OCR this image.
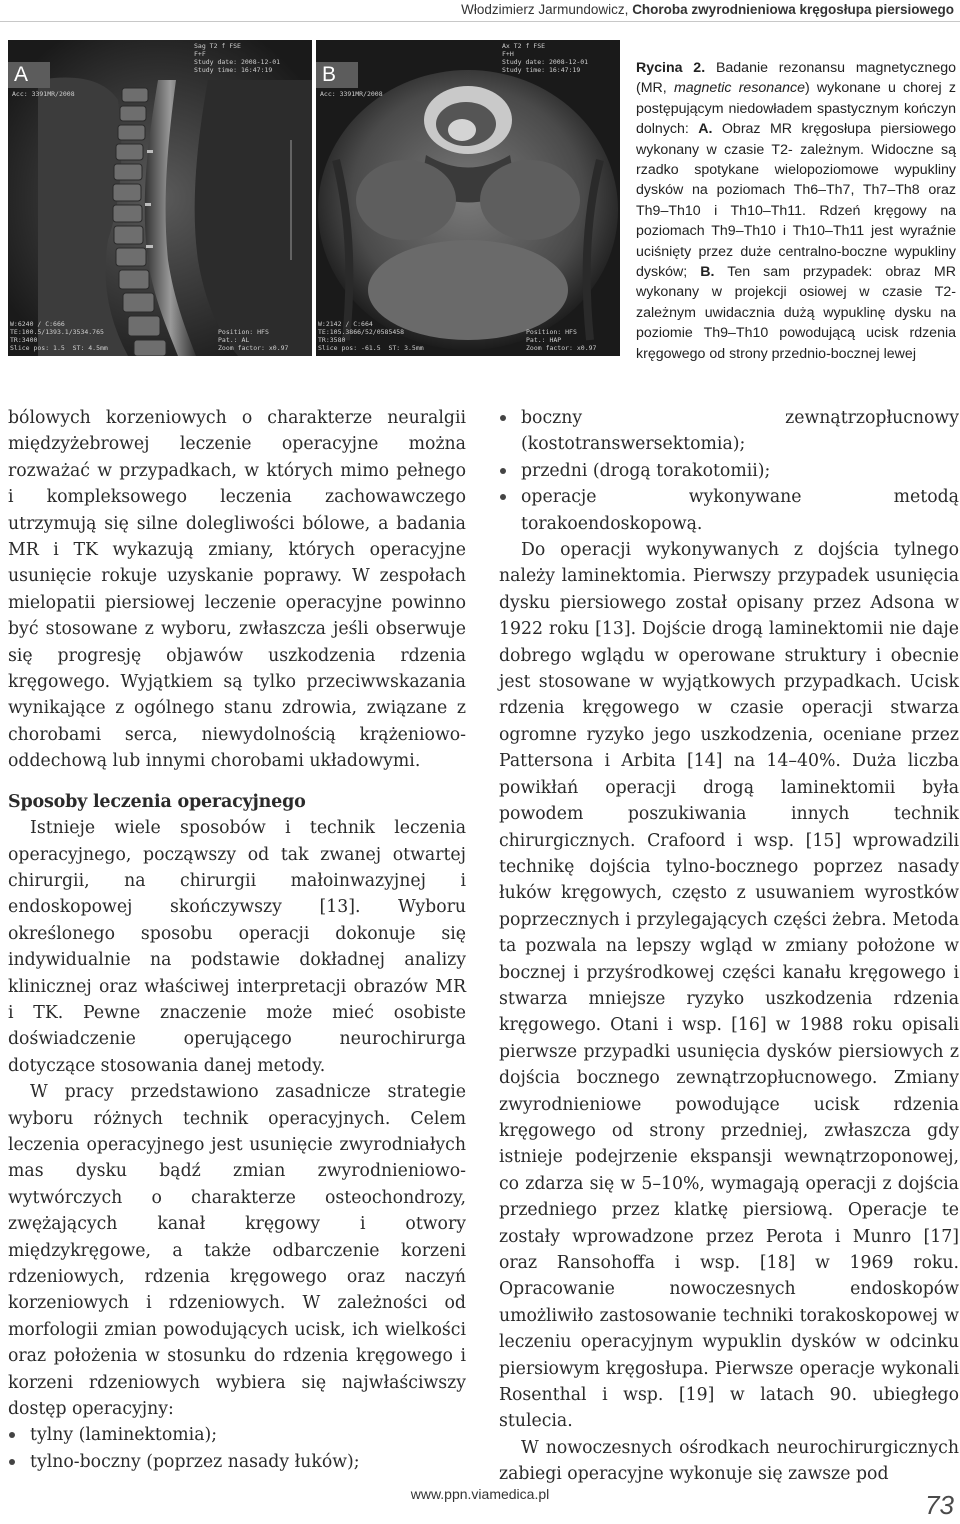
Włodzimierz Jarmundowicz, Choroba zwyrodnieniowa kręgosłupa piersiowego
A
Acc: 3391MR/2008
Sag T2 f FSE
F+F
Study date: 2008-12-01
Study time: 16:47:19
W:6240 / C:666
TE:100.5/1393.1/3534.765
TR:3400
Slice pos: 1.5  ST: 4.5mm
Position: HFS
Pat.: AL
Zoom factor: x0.97
B
Acc: 3391MR/2008
Ax T2 f FSE
F+H
Study date: 2008-12-01
Study time: 16:47:19
W:2142 / C:664
TE:105.3866/52/0585458
TR:3580
Slice pos: -61.5  ST: 3.5mm
Position: HFS
Pat.: HAP
Zoom factor: x0.97
Rycina 2. Badanie rezonansu magnetycznego (MR, magnetic resonance) wykonane u chorej z postępującym niedowładem spastycznym kończyn dolnych: A. Obraz MR kręgosłupa piersiowego wykonany w czasie T2- zależnym. Widoczne są rzadko spotykane wielopoziomowe wypukliny dysków na poziomach Th6–Th7, Th7–Th8 oraz Th9–Th10 i Th10–Th11. Rdzeń kręgowy na poziomach Th9–Th10 i Th10–Th11 jest wyraźnie uciśnięty przez duże centralno-boczne wypukliny dysków; B. Ten sam przypadek: obraz MR wykonany w projekcji osiowej w czasie T2- zależnym uwidacznia dużą wypuklinę dysku na poziomie Th9–Th10 powodującą ucisk rdzenia kręgowego od strony przednio-bocznej lewej

bólowych korzeniowych o charakterze neuralgii międzyżebrowej leczenie operacyjne można rozważać w przypadkach, w których mimo pełnego i kompleksowego leczenia zachowawczego utrzymują się silne dolegliwości bólowe, a badania MR i TK wykazują zmiany, których operacyjne usunięcie rokuje uzyskanie poprawy. W zespołach mielopatii piersiowej leczenie operacyjne powinno być stosowane z wyboru, zwłaszcza jeśli obserwuje się progresję objawów uszkodzenia rdzenia kręgowego. Wyjątkiem są tylko przeciwwskazania wynikające z ogólnego stanu zdrowia, związane z chorobami serca, niewydolnością krążeniowo-oddechową lub innymi chorobami układowymi.

Sposoby leczenia operacyjnego

Istnieje wiele sposobów i technik leczenia operacyjnego, począwszy od tak zwanej otwartej chirurgii, na chirurgii małoinwazyjnej i endoskopowej skończywszy [13]. Wyboru określonego sposobu operacji dokonuje się indywidualnie na podstawie dokładnej analizy klinicznej oraz właściwej interpretacji obrazów MR i TK. Pewne znaczenie może mieć osobiste doświadczenie operującego neurochirurga dotyczące stosowania danej metody.

W pracy przedstawiono zasadnicze strategie wyboru różnych technik operacyjnych. Celem leczenia operacyjnego jest usunięcie zwyrodniałych mas dysku bądź zmian zwyrodnieniowo-wytwórczych o charakterze osteochondrozy, zwężających kanał kręgowy i otwory międzykręgowe, a także odbarczenie korzeni rdzeniowych, rdzenia kręgowego oraz naczyń korzeniowych i rdzeniowych. W zależności od morfologii zmian powodujących ucisk, ich wielkości oraz położenia w stosunku do rdzenia kręgowego i korzeni rdzeniowych wybiera się najwłaściwszy dostęp operacyjny:

tylny (laminektomia);
tylno-boczny (poprzez nasady łuków);
boczny zewnątrzopłucnowy (kostotranswersektomia);
przedni (drogą torakotomii);
operacje wykonywane metodą torakoendoskopową.

Do operacji wykonywanych z dojścia tylnego należy laminektomia. Pierwszy przypadek usunięcia dysku piersiowego został opisany przez Adsona w 1922 roku [13]. Dojście drogą laminektomii nie daje dobrego wglądu w operowane struktury i obecnie jest stosowane w wyjątkowych przypadkach. Ucisk rdzenia kręgowego w czasie operacji stwarza ogromne ryzyko jego uszkodzenia, oceniane przez Pattersona i Arbita [14] na 14–40%. Duża liczba powikłań operacji drogą laminektomii była powodem poszukiwania innych technik chirurgicznych. Crafoord i wsp. [15] wprowadzili technikę dojścia tylno-bocznego poprzez nasady łuków kręgowych, często z usuwaniem wyrostków poprzecznych i przylegających części żebra. Metoda ta pozwala na lepszy wgląd w zmiany położone w bocznej i przyśrodkowej części kanału kręgowego i stwarza mniejsze ryzyko uszkodzenia rdzenia kręgowego. Otani i wsp. [16] w 1988 roku opisali pierwsze przypadki usunięcia dysków piersiowych z dojścia bocznego zewnątrzopłucnowego. Zmiany zwyrodnieniowe powodujące ucisk rdzenia kręgowego od strony przedniej, zwłaszcza gdy istnieje podejrzenie ekspansji wewnątrzoponowej, co zdarza się w 5–10%, wymagają operacji z dojścia przedniego przez klatkę piersiową. Operacje te zostały wprowadzone przez Perota i Munro [17] oraz Ransohoffa i wsp. [18] w 1969 roku. Opracowanie nowoczesnych endoskopów umożliwiło zastosowanie techniki torakoskopowej w leczeniu operacyjnym wypuklin dysków w odcinku piersiowym kręgosłupa. Pierwsze operacje wykonali Rosenthal i wsp. [19] w latach 90. ubiegłego stulecia.

W nowoczesnych ośrodkach neurochirurgicznych zabiegi operacyjne wykonuje się zawsze pod

www.ppn.viamedica.pl	73
